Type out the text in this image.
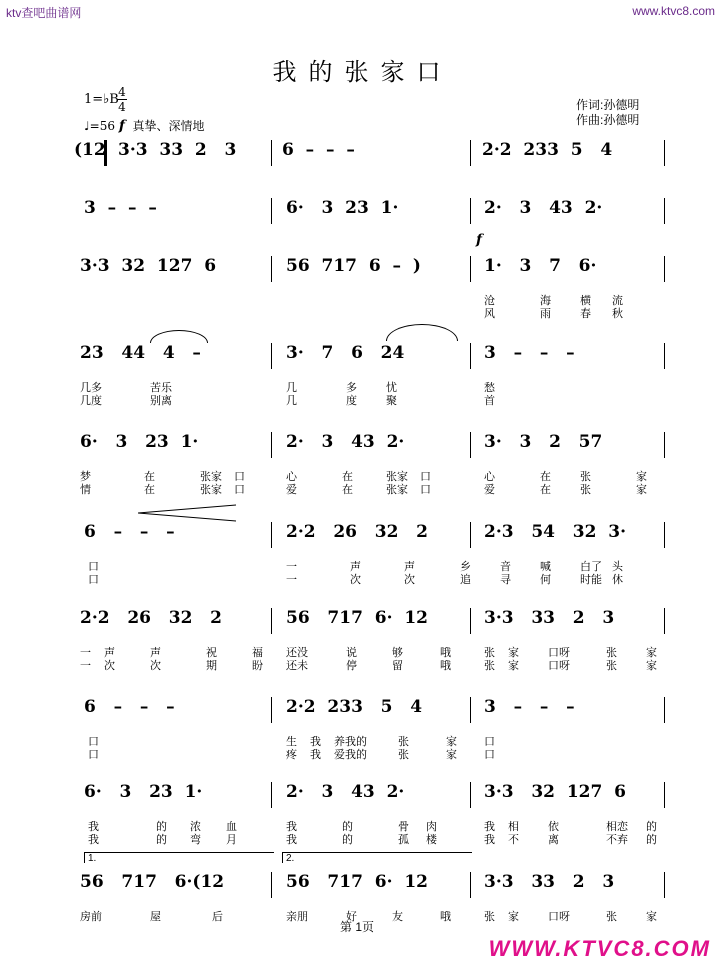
ktv查吧曲谱网	www.ktvc8.com
我的张家口
1=♭B 4
4
♩=56 f 真挚、深情地
作词:孙德明
作曲:孙德明
(12 3·3  33  2   3	6  –  –  –	2·2  233  5   4
3  –  –  –	6·   3  23  1·	2·   3   43  2·
3·3  32  127  6	56  717  6  –  )	1·   3   7   6·
沧	海	横 流
风	雨	春 秋
f
23   44   4   –	3·   7   6   24	3   –   –   –
几多	苦乐	几	多	忧	愁
几度	别离	几	度	聚	首
6·   3   23  1·	2·   3   43  2·	3·   3   2   57
梦	在	张家 口	心	在	张家 口	心	在	张	家
情	在	张家 口	爱	在	张家 口	爱	在	张	家
6   –   –   –	2·2   26   32   2	2·3   54   32  3·
口	一	声	声	乡	音	喊	白了 头
口	一	次	次	追	寻	何	时能 休
2·2   26   32   2	56   717  6·  12	3·3   33   2   3
一 声	声	祝	福 还没	说	够	哦	张 家	口呀	张	家
一 次	次	期	盼 还未	停	留	哦	张 家	口呀	张	家
6   –   –   –	2·2  233   5   4	3   –   –   –
口	生 我 养我的	张	家 口
口	疼 我 爱我的	张	家 口
6·   3   23  1·	2·   3   43  2·	3·3   32  127  6
我	的 浓 血	我	的	骨 肉	我 相	依	相恋 的
我	的 弯 月	我	的	孤 楼	我 不	离	不弃 的
1.	2.
56   717   6·(12	56   717  6·  12	3·3   33   2   3
房前	屋	后	亲朋	好	友	哦	张 家	口呀	张	家
第 1页
WWW.KTVC8.COM
